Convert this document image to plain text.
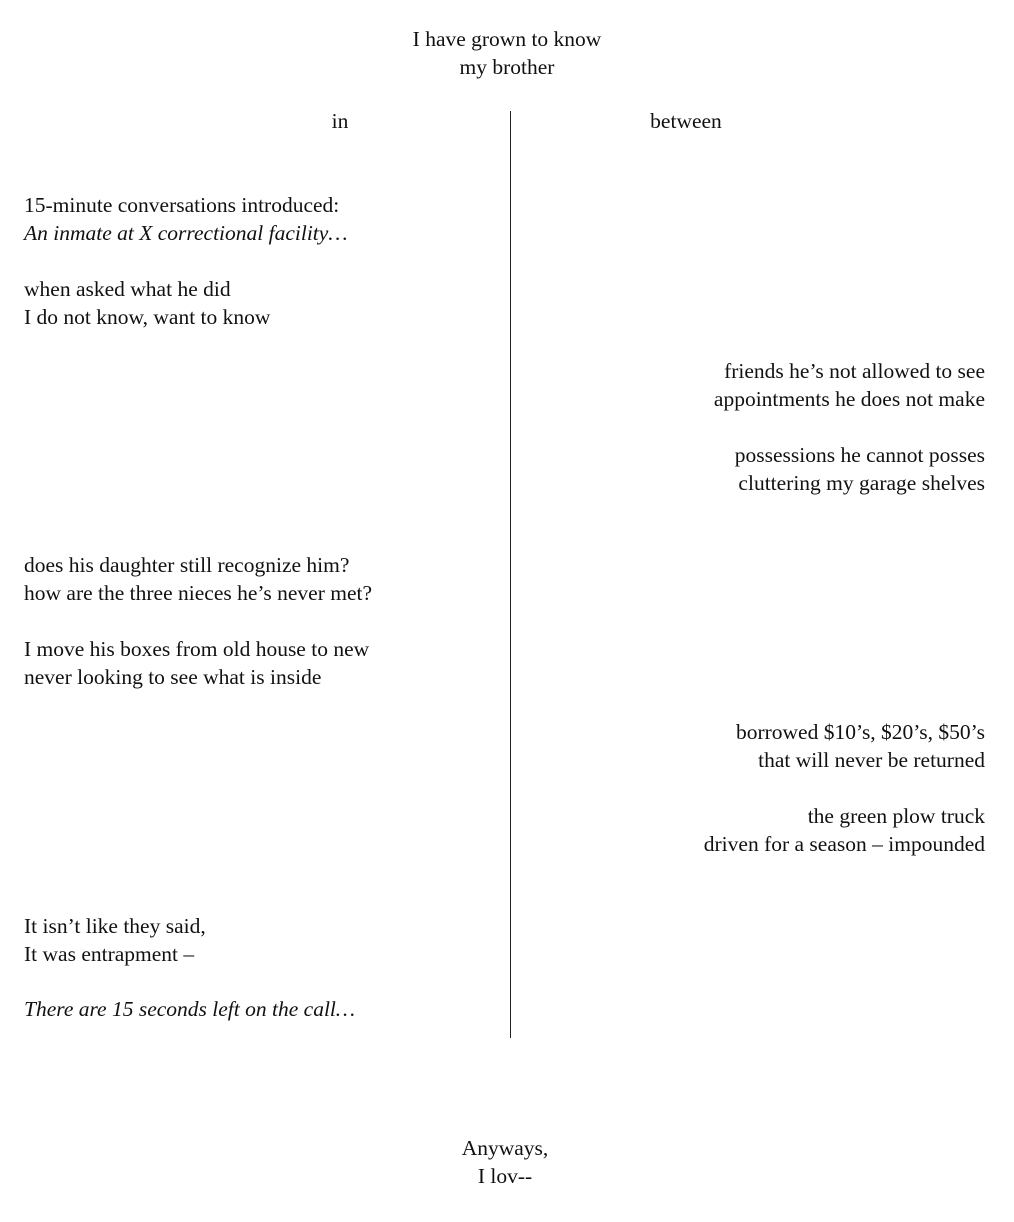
I have grown to know
my brother
in	between
15-minute conversations introduced:
An inmate at X correctional facility…
when asked what he did
I do not know, want to know
friends he’s not allowed to see
appointments he does not make
possessions he cannot posses
cluttering my garage shelves
does his daughter still recognize him?
how are the three nieces he’s never met?
I move his boxes from old house to new
never looking to see what is inside
borrowed $10’s, $20’s, $50’s
that will never be returned
the green plow truck
driven for a season – impounded
It isn’t like they said,
It was entrapment –
There are 15 seconds left on the call…
Anyways,
I lov--
